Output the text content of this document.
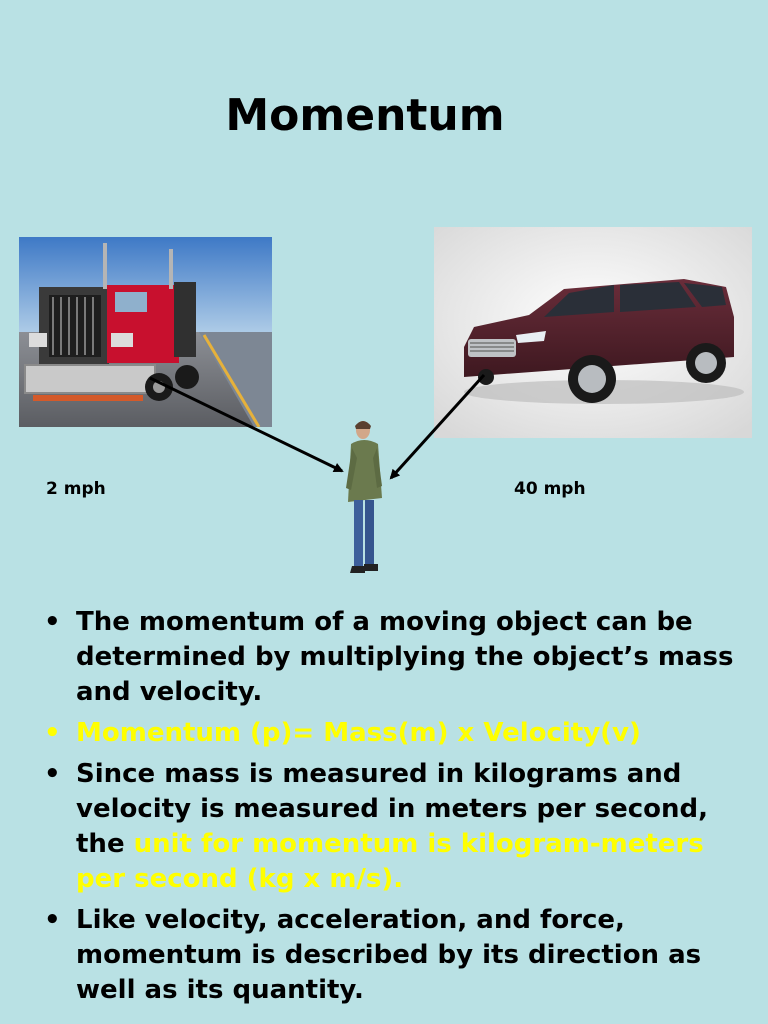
Momentum
2 mph	40 mph
• The momentum of a moving object can be determined by multiplying the object’s mass and velocity.
• Momentum (p)= Mass(m) x Velocity(v)
• Since mass is measured in kilograms and velocity is measured in meters per second, the unit for momentum is kilogram-meters per second (kg x m/s).
• Like velocity, acceleration, and force, momentum is described by its direction as well as its quantity.
